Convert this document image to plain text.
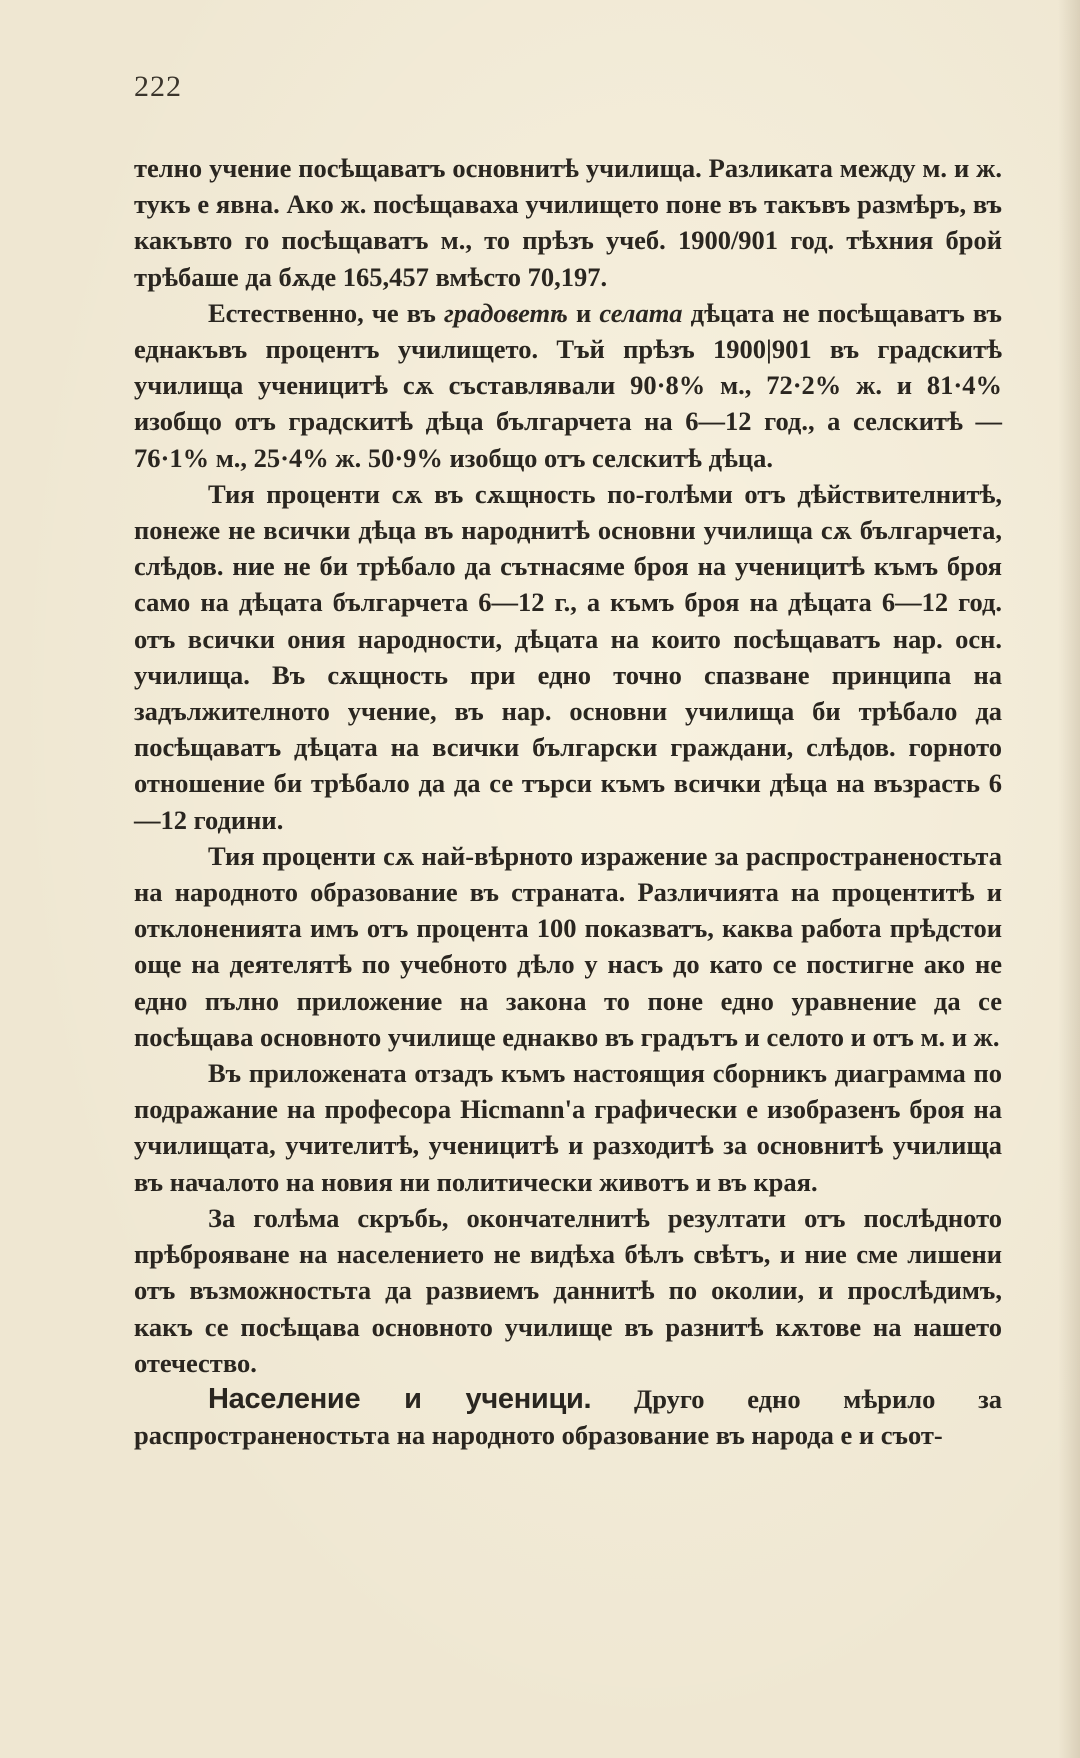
222

телно учение посѣщаватъ основнитѣ училища. Разликата между м. и ж. тукъ е явна. Ако ж. посѣщаваха училището поне въ такъвъ размѣръ, въ какъвто го посѣщаватъ м., то прѣзъ учеб. 1900/901 год. тѣхния брой трѣбаше да бѫде 165,457 вмѣсто 70,197.

Естественно, че въ градоветѣ и селата дѣцата не посѣщаватъ въ еднакъвъ процентъ училището. Тъй прѣзъ 1900|901 въ градскитѣ училища ученицитѣ сѫ съставлявали 90·8% м., 72·2% ж. и 81·4% изобщо отъ градскитѣ дѣца българчета на 6—12 год., а селскитѣ — 76·1% м., 25·4% ж. 50·9% изобщо отъ селскитѣ дѣца.

Тия проценти сѫ въ сѫщность по-голѣми отъ дѣйствителнитѣ, понеже не всички дѣца въ народнитѣ основни училища сѫ българчета, слѣдов. ние не би трѣбало да сътнасяме броя на ученицитѣ къмъ броя само на дѣцата българчета 6—12 г., а къмъ броя на дѣцата 6—12 год. отъ всички ония народности, дѣцата на които посѣщаватъ нар. осн. училища. Въ сѫщность при едно точно спазване принципа на задължителното учение, въ нар. основни училища би трѣбало да посѣщаватъ дѣцата на всички български граждани, слѣдов. горното отношение би трѣбало да да се търси къмъ всички дѣца на възрасть 6—12 години.

Тия проценти сѫ най-вѣрното изражение за распространеностьта на народното образование въ страната. Различията на процентитѣ и отклоненията имъ отъ процента 100 показватъ, каква работа прѣдстои още на деятелятѣ по учебното дѣло у насъ до като се постигне ако не едно пълно приложение на закона то поне едно уравнение да се посѣщава основното училище еднакво въ градътъ и селото и отъ м. и ж.

Въ приложената отзадъ къмъ настоящия сборникъ диаграмма по подражание на професора Hicmann'а графически е изобразенъ броя на училищата, учителитѣ, ученицитѣ и разходитѣ за основнитѣ училища въ началото на новия ни политически животъ и въ края.

За голѣма скръбь, окончателнитѣ резултати отъ послѣдното прѣброяване на населението не видѣха бѣлъ свѣтъ, и ние сме лишени отъ възможностьта да развиемъ даннитѣ по околии, и прослѣдимъ, какъ се посѣщава основното училище въ разнитѣ кѫтове на нашето отечество.

Население и ученици. Друго едно мѣрило за распространеностьта на народното образование въ народа е и съот-
